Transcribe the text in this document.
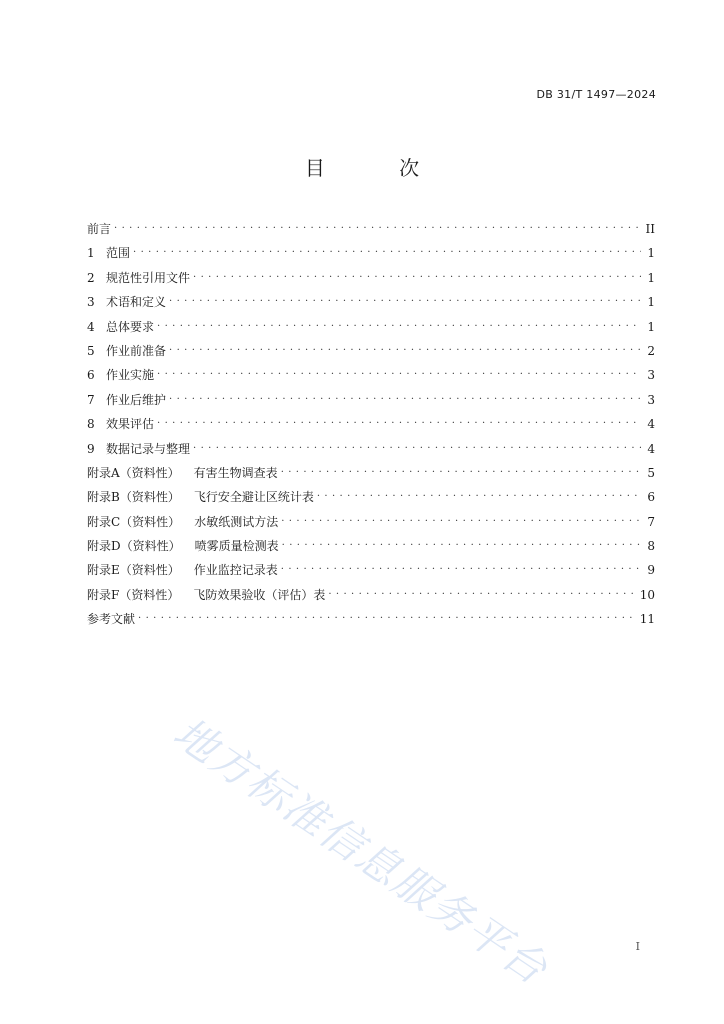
DB 31/T 1497—2024
目 次
前言 . . .	II
1 范围 . . .	1
2 规范性引用文件 . . .	1
3 术语和定义 . . .	1
4 总体要求 . . .	1
5 作业前准备 . . .	2
6 作业实施 . . .	3
7 作业后维护 . . .	3
8 效果评估 . . .	4
9 数据记录与整理 . . .	4
附录A（资料性） 有害生物调查表 . . .	5
附录B（资料性） 飞行安全避让区统计表 . . .	6
附录C（资料性） 水敏纸测试方法 . . .	7
附录D（资料性） 喷雾质量检测表 . . .	8
附录E（资料性） 作业监控记录表 . . .	9
附录F（资料性） 飞防效果验收（评估）表 . . .	10
参考文献 . . .	11
地方标准信息服务平台	I
